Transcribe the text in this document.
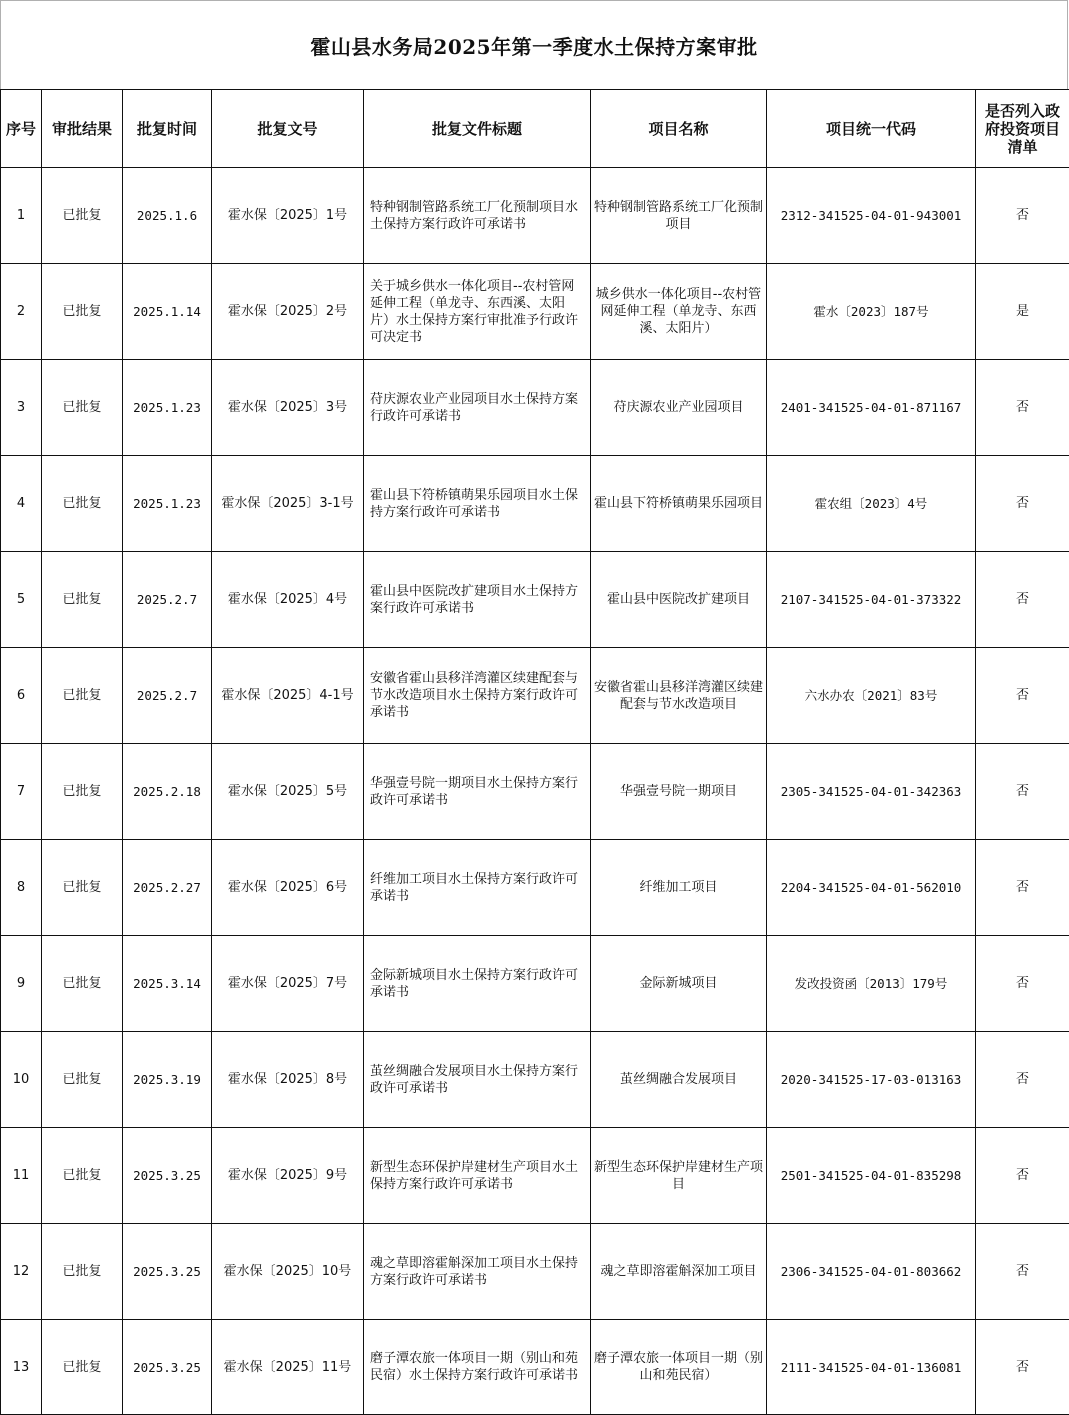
霍山县水务局2025年第一季度水土保持方案审批
序号	审批结果	批复时间	批复文号	批复文件标题	项目名称	项目统一代码	是否列入政府投资项目清单
1	已批复	2025.1.6	霍水保〔2025〕1号	特种钢制管路系统工厂化预制项目水土保持方案行政许可承诺书	特种钢制管路系统工厂化预制项目	2312-341525-04-01-943001	否
2	已批复	2025.1.14	霍水保〔2025〕2号	关于城乡供水一体化项目--农村管网延伸工程（单龙寺、东西溪、太阳片）水土保持方案行审批准予行政许可决定书	城乡供水一体化项目--农村管网延伸工程（单龙寺、东西溪、太阳片）	霍水〔2023〕187号	是
3	已批复	2025.1.23	霍水保〔2025〕3号	苻庆源农业产业园项目水土保持方案行政许可承诺书	苻庆源农业产业园项目	2401-341525-04-01-871167	否
4	已批复	2025.1.23	霍水保〔2025〕3-1号	霍山县下符桥镇萌果乐园项目水土保持方案行政许可承诺书	霍山县下符桥镇萌果乐园项目	霍农组〔2023〕4号	否
5	已批复	2025.2.7	霍水保〔2025〕4号	霍山县中医院改扩建项目水土保持方案行政许可承诺书	霍山县中医院改扩建项目	2107-341525-04-01-373322	否
6	已批复	2025.2.7	霍水保〔2025〕4-1号	安徽省霍山县移洋湾灌区续建配套与节水改造项目水土保持方案行政许可承诺书	安徽省霍山县移洋湾灌区续建配套与节水改造项目	六水办农〔2021〕83号	否
7	已批复	2025.2.18	霍水保〔2025〕5号	华强壹号院一期项目水土保持方案行政许可承诺书	华强壹号院一期项目	2305-341525-04-01-342363	否
8	已批复	2025.2.27	霍水保〔2025〕6号	纤维加工项目水土保持方案行政许可承诺书	纤维加工项目	2204-341525-04-01-562010	否
9	已批复	2025.3.14	霍水保〔2025〕7号	金际新城项目水土保持方案行政许可承诺书	金际新城项目	发改投资函〔2013〕179号	否
10	已批复	2025.3.19	霍水保〔2025〕8号	茧丝绸融合发展项目水土保持方案行政许可承诺书	茧丝绸融合发展项目	2020-341525-17-03-013163	否
11	已批复	2025.3.25	霍水保〔2025〕9号	新型生态环保护岸建材生产项目水土保持方案行政许可承诺书	新型生态环保护岸建材生产项目	2501-341525-04-01-835298	否
12	已批复	2025.3.25	霍水保〔2025〕10号	魂之草即溶霍斛深加工项目水土保持方案行政许可承诺书	魂之草即溶霍斛深加工项目	2306-341525-04-01-803662	否
13	已批复	2025.3.25	霍水保〔2025〕11号	磨子潭农旅一体项目一期（别山和苑民宿）水土保持方案行政许可承诺书	磨子潭农旅一体项目一期（别山和苑民宿）	2111-341525-04-01-136081	否
